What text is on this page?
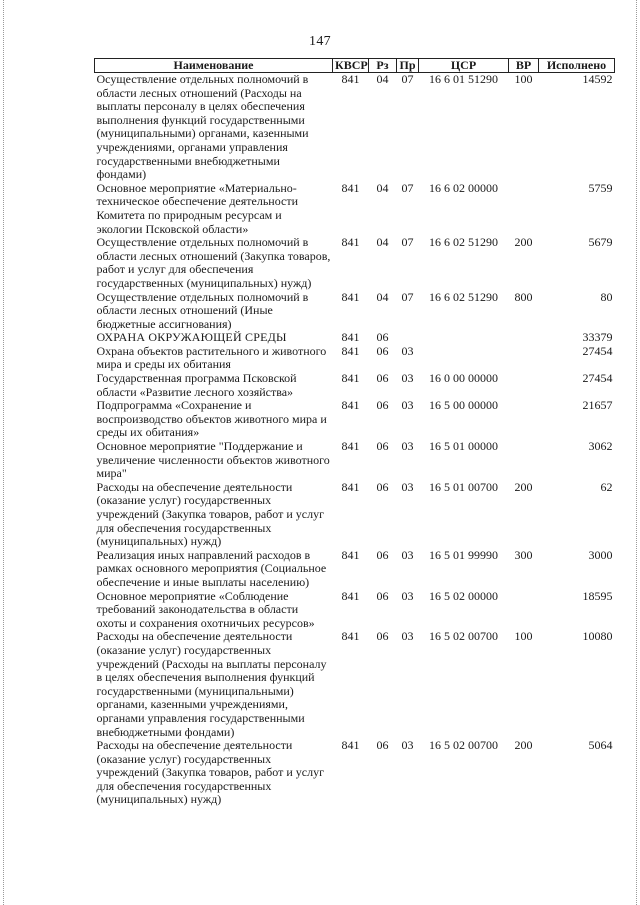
147
Наименование	КВСР	Рз	Пр	ЦСР	ВР	Исполнено
Осуществление отдельных полномочий в области лесных отношений (Расходы на выплаты персоналу в целях обеспечения выполнения функций государственными (муниципальными) органами, казенными учреждениями, органами управления государственными внебюджетными фондами)	841	04	07	16 6 01 51290	100	14592
Основное мероприятие «Материально-техническое обеспечение деятельности Комитета по природным ресурсам и экологии Псковской области»	841	04	07	16 6 02 00000		5759
Осуществление отдельных полномочий в области лесных отношений (Закупка товаров, работ и услуг для обеспечения государственных (муниципальных) нужд)	841	04	07	16 6 02 51290	200	5679
Осуществление отдельных полномочий в области лесных отношений (Иные бюджетные ассигнования)	841	04	07	16 6 02 51290	800	80
ОХРАНА ОКРУЖАЮЩЕЙ СРЕДЫ	841	06				33379
Охрана объектов растительного и животного мира и среды их обитания	841	06	03			27454
Государственная программа Псковской области «Развитие лесного хозяйства»	841	06	03	16 0 00 00000		27454
Подпрограмма «Сохранение и воспроизводство объектов животного мира и среды их обитания»	841	06	03	16 5 00 00000		21657
Основное мероприятие "Поддержание и увеличение численности объектов животного мира"	841	06	03	16 5 01 00000		3062
Расходы на обеспечение деятельности (оказание услуг) государственных учреждений (Закупка товаров, работ и услуг для обеспечения государственных (муниципальных) нужд)	841	06	03	16 5 01 00700	200	62
Реализация иных направлений расходов в рамках основного мероприятия (Социальное обеспечение и иные выплаты населению)	841	06	03	16 5 01 99990	300	3000
Основное мероприятие «Соблюдение требований законодательства в области охоты и сохранения охотничьих ресурсов»	841	06	03	16 5 02 00000		18595
Расходы на обеспечение деятельности (оказание услуг) государственных учреждений (Расходы на выплаты персоналу в целях обеспечения выполнения функций государственными (муниципальными) органами, казенными учреждениями, органами управления государственными внебюджетными фондами)	841	06	03	16 5 02 00700	100	10080
Расходы на обеспечение деятельности (оказание услуг) государственных учреждений (Закупка товаров, работ и услуг для обеспечения государственных (муниципальных) нужд)	841	06	03	16 5 02 00700	200	5064
